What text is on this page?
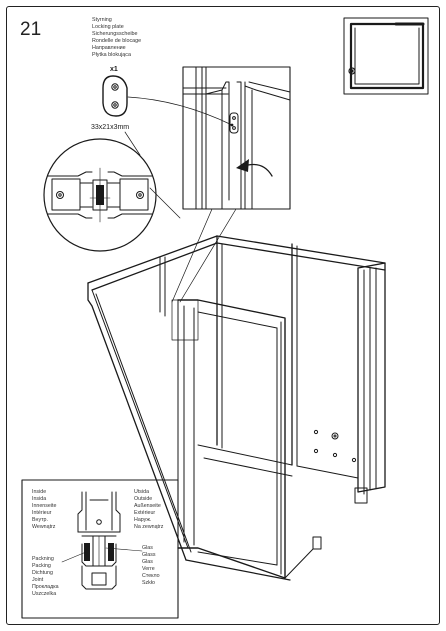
21	Styrning
Locking plate
Sicherungsscheibe
Rondelle de blocage
Направление
Płytka blokująca
x1
33x21x3mm
Inside
Insida
Innenseite
Intérieur
Внутр.
Wewnątrz
Utsida
Outside
Außenseite
Extérieur
Наруж.
Na zewnątrz
Packning
Packing
Dichtung
Joint
Прокладка
Uszczelka
Glas
Glass
Glas
Verre
Стекло
Szkło
